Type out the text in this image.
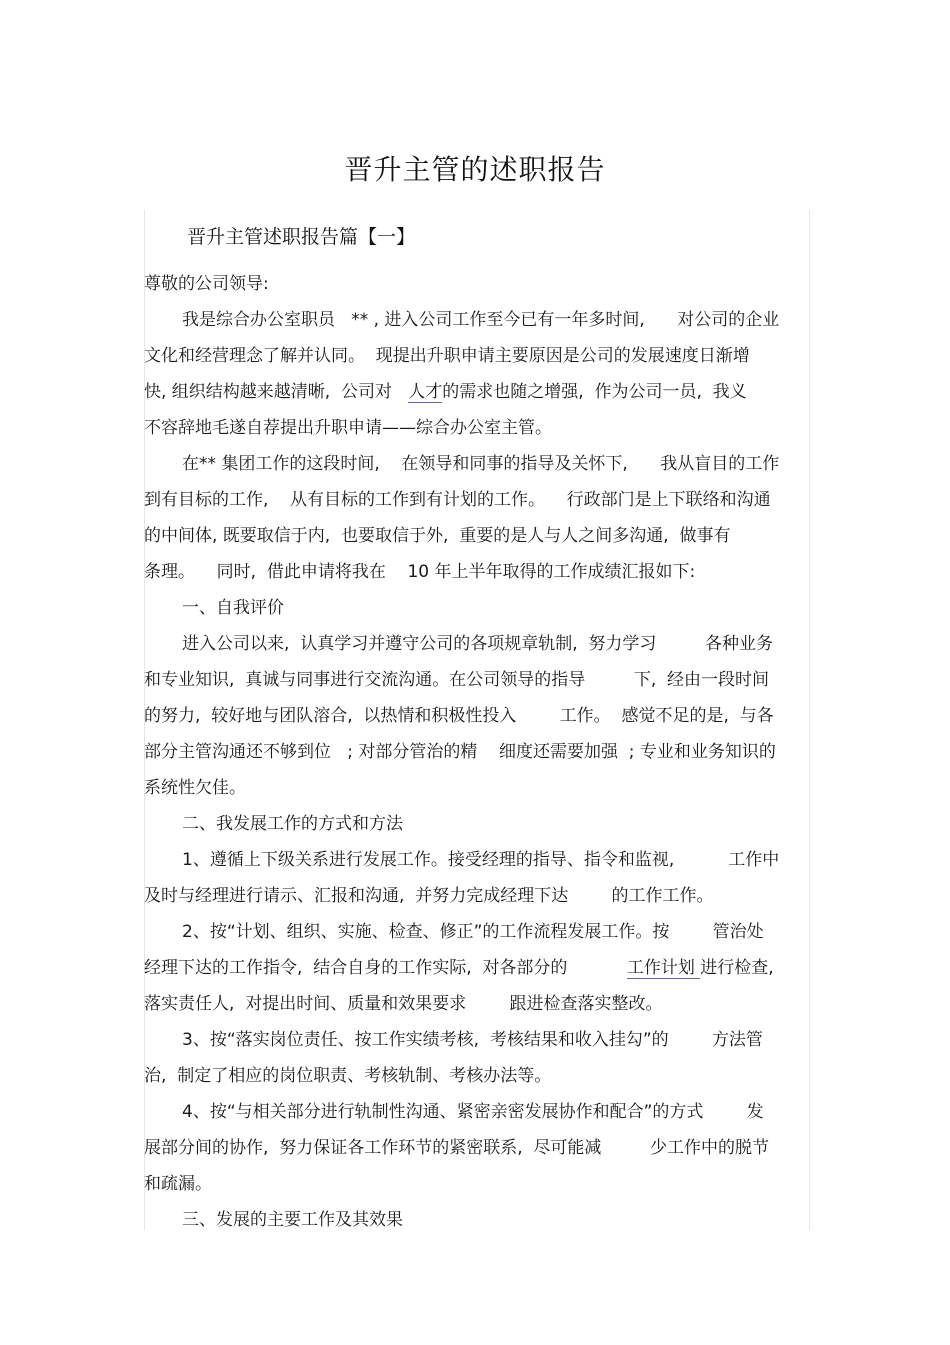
晋升主管的述职报告
晋升主管述职报告篇【一】
尊敬的公司领导:
我是综合办公室职员   ** , 进入公司工作至今已有一年多时间,      对公司的企业
文化和经营理念了解并认同。  现提出升职申请主要原因是公司的发展速度日渐增
快, 组织结构越来越清晰,  公司对   人才的需求也随之增强,  作为公司一员,  我义
不容辞地毛遂自荐提出升职申请——综合办公室主管。
在** 集团工作的这段时间,    在领导和同事的指导及关怀下,      我从盲目的工作
到有目标的工作,    从有目标的工作到有计划的工作。    行政部门是上下联络和沟通
的中间体, 既要取信于内,  也要取信于外,  重要的是人与人之间多沟通,  做事有
条理。    同时,  借此申请将我在    10 年上半年取得的工作成绩汇报如下:
一、自我评价
进入公司以来,  认真学习并遵守公司的各项规章轨制,  努力学习         各种业务
和专业知识,  真诚与同事进行交流沟通。在公司领导的指导         下,  经由一段时间
的努力,  较好地与团队溶合,  以热情和积极性投入        工作。  感觉不足的是,  与各
部分主管沟通还不够到位   ; 对部分管治的精    细度还需要加强  ; 专业和业务知识的
系统性欠佳。
二、我发展工作的方式和方法
1、遵循上下级关系进行发展工作。接受经理的指导、指令和监视,          工作中
及时与经理进行请示、汇报和沟通,  并努力完成经理下达        的工作工作。
2、按“计划、组织、实施、检查、修正”的工作流程发展工作。按        管治处
经理下达的工作指令,  结合自身的工作实际,  对各部分的           工作计划 进行检查,
落实责任人,  对提出时间、质量和效果要求        跟进检查落实整改。
3、按“落实岗位责任、按工作实绩考核,  考核结果和收入挂勾”的        方法管
治,  制定了相应的岗位职责、考核轨制、考核办法等。
4、按“与相关部分进行轨制性沟通、紧密亲密发展协作和配合”的方式        发
展部分间的协作,  努力保证各工作环节的紧密联系,  尽可能减         少工作中的脱节
和疏漏。
三、发展的主要工作及其效果
